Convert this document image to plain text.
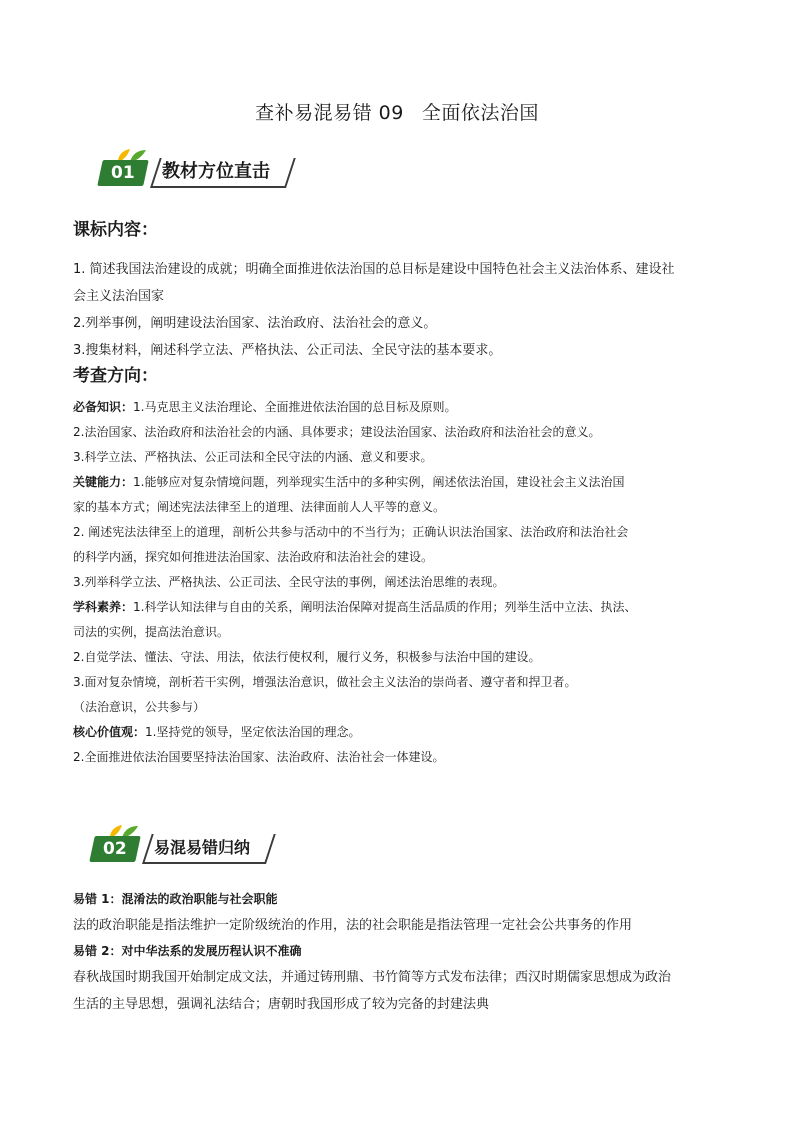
查补易混易错 09 全面依法治国
01	教材方位直击

课标内容：

1. 简述我国法治建设的成就；明确全面推进依法治国的总目标是建设中国特色社会主义法治体系、建设社

会主义法治国家

2.列举事例，阐明建设法治国家、法治政府、法治社会的意义。

3.搜集材料，阐述科学立法、严格执法、公正司法、全民守法的基本要求。

考查方向：

必备知识：1.马克思主义法治理论、全面推进依法治国的总目标及原则。

2.法治国家、法治政府和法治社会的内涵、具体要求；建设法治国家、法治政府和法治社会的意义。

3.科学立法、严格执法、公正司法和全民守法的内涵、意义和要求。

关键能力：1.能够应对复杂情境问题，列举现实生活中的多种实例，阐述依法治国，建设社会主义法治国

家的基本方式；阐述宪法法律至上的道理、法律面前人人平等的意义。

2. 阐述宪法法律至上的道理，剖析公共参与活动中的不当行为；正确认识法治国家、法治政府和法治社会

的科学内涵，探究如何推进法治国家、法治政府和法治社会的建设。

3.列举科学立法、严格执法、公正司法、全民守法的事例，阐述法治思维的表现。

学科素养：1.科学认知法律与自由的关系，阐明法治保障对提高生活品质的作用；列举生活中立法、执法、

司法的实例，提高法治意识。

2.自觉学法、懂法、守法、用法，依法行使权利，履行义务，积极参与法治中国的建设。

3.面对复杂情境，剖析若干实例，增强法治意识，做社会主义法治的崇尚者、遵守者和捍卫者。

（法治意识，公共参与）

核心价值观：1.坚持党的领导，坚定依法治国的理念。

2.全面推进依法治国要坚持法治国家、法治政府、法治社会一体建设。

02	易混易错归纳

易错 1：混淆法的政治职能与社会职能

法的政治职能是指法维护一定阶级统治的作用，法的社会职能是指法管理一定社会公共事务的作用

易错 2：对中华法系的发展历程认识不准确

春秋战国时期我国开始制定成文法，并通过铸刑鼎、书竹简等方式发布法律；西汉时期儒家思想成为政治

生活的主导思想，强调礼法结合；唐朝时我国形成了较为完备的封建法典
